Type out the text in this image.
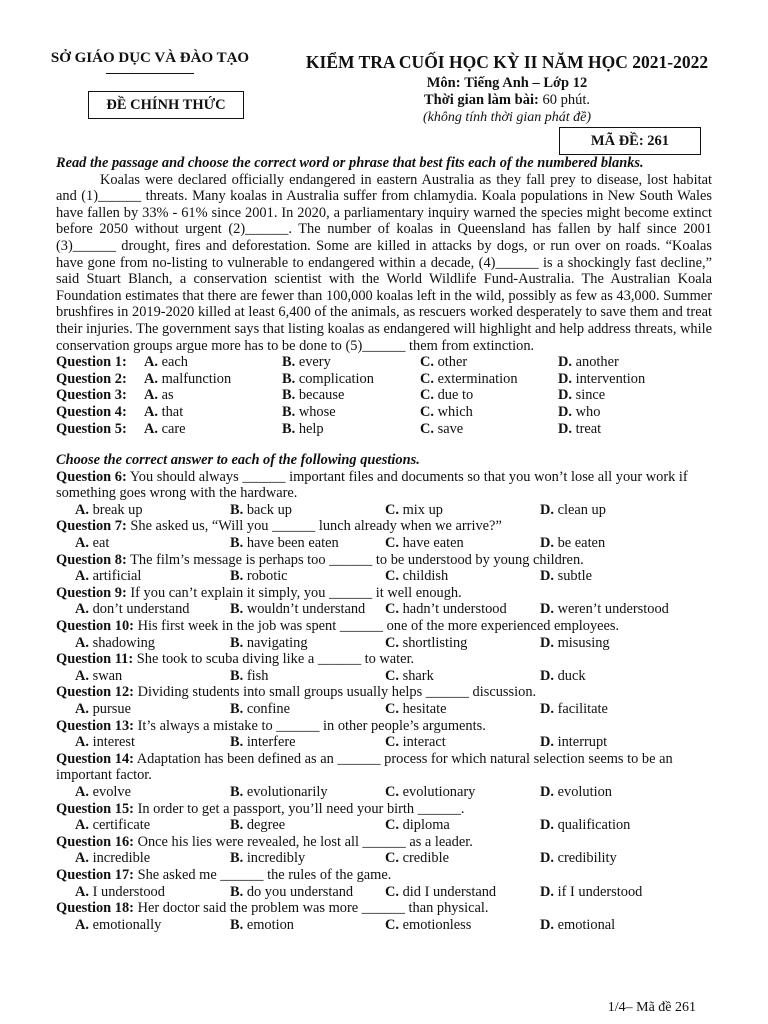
SỞ GIÁO DỤC VÀ ĐÀO TẠO
ĐỀ CHÍNH THỨC
KIỂM TRA CUỐI HỌC KỲ II NĂM HỌC 2021-2022
Môn: Tiếng Anh – Lớp 12
Thời gian làm bài: 60 phút.
(không tính thời gian phát đề)
MÃ ĐỀ: 261
Read the passage and choose the correct word or phrase that best fits each of the numbered blanks.

Koalas were declared officially endangered in eastern Australia as they fall prey to disease, lost habitat and (1)______ threats. Many koalas in Australia suffer from chlamydia. Koala populations in New South Wales have fallen by 33% - 61% since 2001. In 2020, a parliamentary inquiry warned the species might become extinct before 2050 without urgent (2)______. The number of koalas in Queensland has fallen by half since 2001 (3)______ drought, fires and deforestation. Some are killed in attacks by dogs, or run over on roads. “Koalas have gone from no-listing to vulnerable to endangered within a decade, (4)______ is a shockingly fast decline,” said Stuart Blanch, a conservation scientist with the World Wildlife Fund-Australia. The Australian Koala Foundation estimates that there are fewer than 100,000 koalas left in the wild, possibly as few as 43,000. Summer brushfires in 2019-2020 killed at least 6,400 of the animals, as rescuers worked desperately to save them and treat their injuries. The government says that listing koalas as endangered will highlight and help address threats, while conservation groups argue more has to be done to (5)______ them from extinction.

Question 1:	A. each	B. every	C. other	D. another
Question 2:	A. malfunction	B. complication	C. extermination	D. intervention
Question 3:	A. as	B. because	C. due to	D. since
Question 4:	A. that	B. whose	C. which	D. who
Question 5:	A. care	B. help	C. save	D. treat
Choose the correct answer to each of the following questions.

Question 6: You should always ______ important files and documents so that you won’t lose all your work if something goes wrong with the hardware.

A. break up	B. back up	C. mix up	D. clean up

Question 7: She asked us, “Will you ______ lunch already when we arrive?”

A. eat	B. have been eaten	C. have eaten	D. be eaten

Question 8: The film’s message is perhaps too ______ to be understood by young children.

A. artificial	B. robotic	C. childish	D. subtle

Question 9: If you can’t explain it simply, you ______ it well enough.

A. don’t understand	B. wouldn’t understand	C. hadn’t understood	D. weren’t understood

Question 10: His first week in the job was spent ______ one of the more experienced employees.

A. shadowing	B. navigating	C. shortlisting	D. misusing

Question 11: She took to scuba diving like a ______ to water.

A. swan	B. fish	C. shark	D. duck

Question 12: Dividing students into small groups usually helps ______ discussion.

A. pursue	B. confine	C. hesitate	D. facilitate

Question 13: It’s always a mistake to ______ in other people’s arguments.

A. interest	B. interfere	C. interact	D. interrupt

Question 14: Adaptation has been defined as an ______ process for which natural selection seems to be an important factor.

A. evolve	B. evolutionarily	C. evolutionary	D. evolution

Question 15: In order to get a passport, you’ll need your birth ______.

A. certificate	B. degree	C. diploma	D. qualification

Question 16: Once his lies were revealed, he lost all ______ as a leader.

A. incredible	B. incredibly	C. credible	D. credibility

Question 17: She asked me ______ the rules of the game.

A. I understood	B. do you understand	C. did I understand	D. if I understood

Question 18: Her doctor said the problem was more ______ than physical.

A. emotionally	B. emotion	C. emotionless	D. emotional
1/4– Mã đề 261
